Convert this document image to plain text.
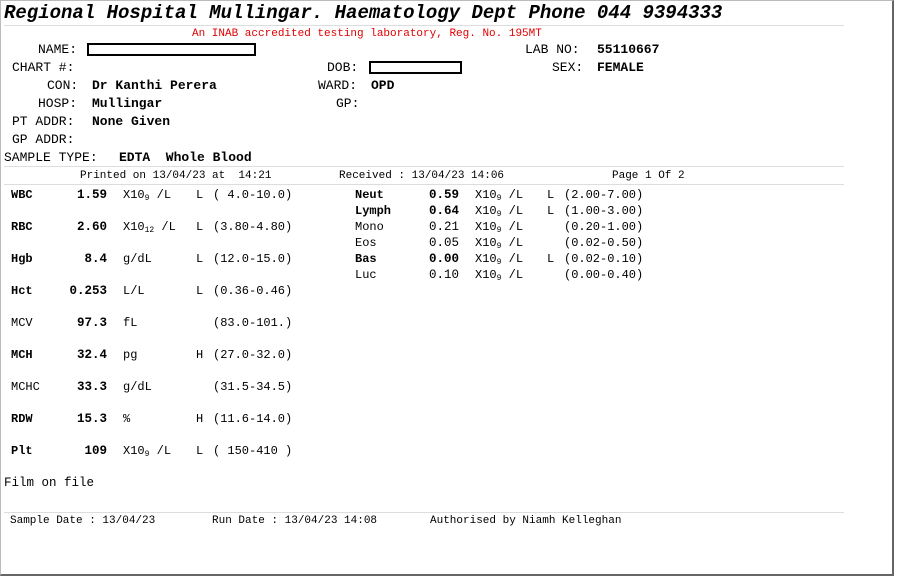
Regional Hospital Mullingar. Haematology Dept Phone 044 9394333
An INAB accredited testing laboratory, Reg. No. 195MT
NAME:	LAB NO: 55110667
CHART #:	DOB:	SEX: FEMALE
CON: Dr Kanthi Perera	WARD: OPD
HOSP: Mullingar	GP:
PT ADDR: None Given
GP ADDR:
SAMPLE TYPE: EDTA  Whole Blood
Printed on 13/04/23 at  14:21	Received : 13/04/23 14:06	Page 1 Of 2
WBC	1.59 X109 /L L ( 4.0-10.0)
RBC	2.60 X1012 /L L (3.80-4.80)
Hgb	8.4 g/dL	L (12.0-15.0)
Hct	0.253 L/L	L (0.36-0.46)
MCV	97.3 fL	(83.0-101.)
MCH	32.4 pg	H (27.0-32.0)
MCHC	33.3 g/dL	(31.5-34.5)
RDW	15.3 %	H (11.6-14.0)
Plt	109 X109 /L L ( 150-410 )
Neut	0.59 X109 /L L (2.00-7.00)
Lymph	0.64 X109 /L L (1.00-3.00)
Mono	0.21 X109 /L	(0.20-1.00)
Eos	0.05 X109 /L	(0.02-0.50)
Bas	0.00 X109 /L L (0.02-0.10)
Luc	0.10 X109 /L	(0.00-0.40)
Film on file
Sample Date : 13/04/23	Run Date : 13/04/23 14:08	Authorised by Niamh Kelleghan
